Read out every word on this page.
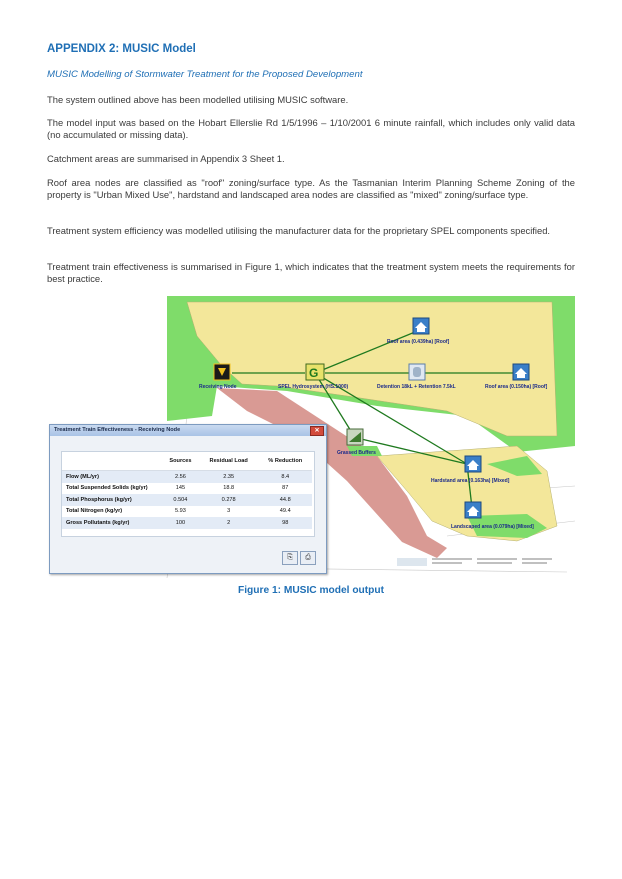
APPENDIX 2: MUSIC Model
MUSIC Modelling of Stormwater Treatment for the Proposed Development

The system outlined above has been modelled utilising MUSIC software.

The model input was based on the Hobart Ellerslie Rd 1/5/1996 – 1/10/2001 6 minute rainfall, which includes only valid data (no accumulated or missing data).

Catchment areas are summarised in Appendix 3 Sheet 1.

Roof area nodes are classified as "roof" zoning/surface type. As the Tasmanian Interim Planning Scheme Zoning of the property is "Urban Mixed Use", hardstand and landscaped area nodes are classified as "mixed" zoning/surface type.

Treatment system efficiency was modelled utilising the manufacturer data for the proprietary SPEL components specified.

Treatment train effectiveness is summarised in Figure 1, which indicates that the treatment system meets the requirements for best practice.

Receiving Node
G
SPEL Hydrosystem (HS.1000)	Detention 18kL + Retention 7.5kL
Roof area (0.439ha) [Roof]
Roof area (0.150ha) [Roof]
Grassed Buffers
Hardstand area (0.163ha) [Mixed]
Landscaped area (0.079ha) [Mixed]
Treatment Train Effectiveness - Receiving Node	✕
	Sources	Residual Load	% Reduction
Flow (ML/yr)	2.56	2.35	8.4
Total Suspended Solids (kg/yr)	145	18.8	87
Total Phosphorus (kg/yr)	0.504	0.278	44.8
Total Nitrogen (kg/yr)	5.93	3	49.4
Gross Pollutants (kg/yr)	100	2	98
⎘	⎙
Figure 1: MUSIC model output
